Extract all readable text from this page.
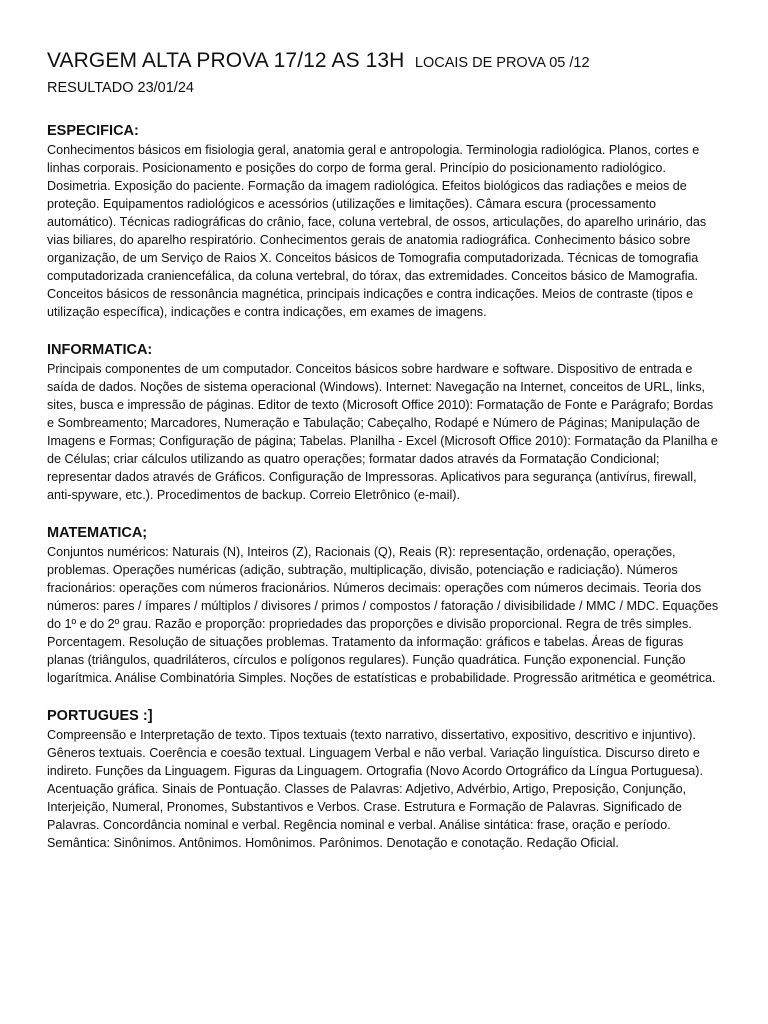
VARGEM ALTA PROVA 17/12 AS 13H LOCAIS DE PROVA 05 /12
RESULTADO 23/01/24
ESPECIFICA:

Conhecimentos básicos em fisiologia geral, anatomia geral e antropologia. Terminologia radiológica. Planos, cortes e linhas corporais. Posicionamento e posições do corpo de forma geral. Princípio do posicionamento radiológico. Dosimetria. Exposição do paciente. Formação da imagem radiológica. Efeitos biológicos das radiações e meios de proteção. Equipamentos radiológicos e acessórios (utilizações e limitações). Câmara escura (processamento automático). Técnicas radiográficas do crânio, face, coluna vertebral, de ossos, articulações, do aparelho urinário, das vias biliares, do aparelho respiratório. Conhecimentos gerais de anatomia radiográfica. Conhecimento básico sobre organização, de um Serviço de Raios X. Conceitos básicos de Tomografia computadorizada. Técnicas de tomografia computadorizada craniencefálica, da coluna vertebral, do tórax, das extremidades. Conceitos básico de Mamografia. Conceitos básicos de ressonância magnética, principais indicações e contra indicações. Meios de contraste (tipos e utilização específica), indicações e contra indicações, em exames de imagens.

INFORMATICA:

Principais componentes de um computador. Conceitos básicos sobre hardware e software. Dispositivo de entrada e saída de dados. Noções de sistema operacional (Windows). Internet: Navegação na Internet, conceitos de URL, links, sites, busca e impressão de páginas. Editor de texto (Microsoft Office 2010): Formatação de Fonte e Parágrafo; Bordas e Sombreamento; Marcadores, Numeração e Tabulação; Cabeçalho, Rodapé e Número de Páginas; Manipulação de Imagens e Formas; Configuração de página; Tabelas. Planilha - Excel (Microsoft Office 2010): Formatação da Planilha e de Células; criar cálculos utilizando as quatro operações; formatar dados através da Formatação Condicional; representar dados através de Gráficos. Configuração de Impressoras. Aplicativos para segurança (antivírus, firewall, anti-spyware, etc.). Procedimentos de backup. Correio Eletrônico (e-mail).

MATEMATICA;

Conjuntos numéricos: Naturais (N), Inteiros (Z), Racionais (Q), Reais (R): representação, ordenação, operações, problemas. Operações numéricas (adição, subtração, multiplicação, divisão, potenciação e radiciação). Números fracionários: operações com números fracionários. Números decimais: operações com números decimais. Teoria dos números: pares / ímpares / múltiplos / divisores / primos / compostos / fatoração / divisibilidade / MMC / MDC. Equações do 1º e do 2º grau. Razão e proporção: propriedades das proporções e divisão proporcional. Regra de três simples. Porcentagem. Resolução de situações problemas. Tratamento da informação: gráficos e tabelas. Áreas de figuras planas (triângulos, quadriláteros, círculos e polígonos regulares). Função quadrática. Função exponencial. Função logarítmica. Análise Combinatória Simples. Noções de estatísticas e probabilidade. Progressão aritmética e geométrica.

PORTUGUES :]

Compreensão e Interpretação de texto. Tipos textuais (texto narrativo, dissertativo, expositivo, descritivo e injuntivo). Gêneros textuais. Coerência e coesão textual. Linguagem Verbal e não verbal. Variação linguística. Discurso direto e indireto. Funções da Linguagem. Figuras da Linguagem. Ortografia (Novo Acordo Ortográfico da Língua Portuguesa). Acentuação gráfica. Sinais de Pontuação. Classes de Palavras: Adjetivo, Advérbio, Artigo, Preposição, Conjunção, Interjeição, Numeral, Pronomes, Substantivos e Verbos. Crase. Estrutura e Formação de Palavras. Significado de Palavras. Concordância nominal e verbal. Regência nominal e verbal. Análise sintática: frase, oração e período. Semântica: Sinônimos. Antônimos. Homônimos. Parônimos. Denotação e conotação. Redação Oficial.
